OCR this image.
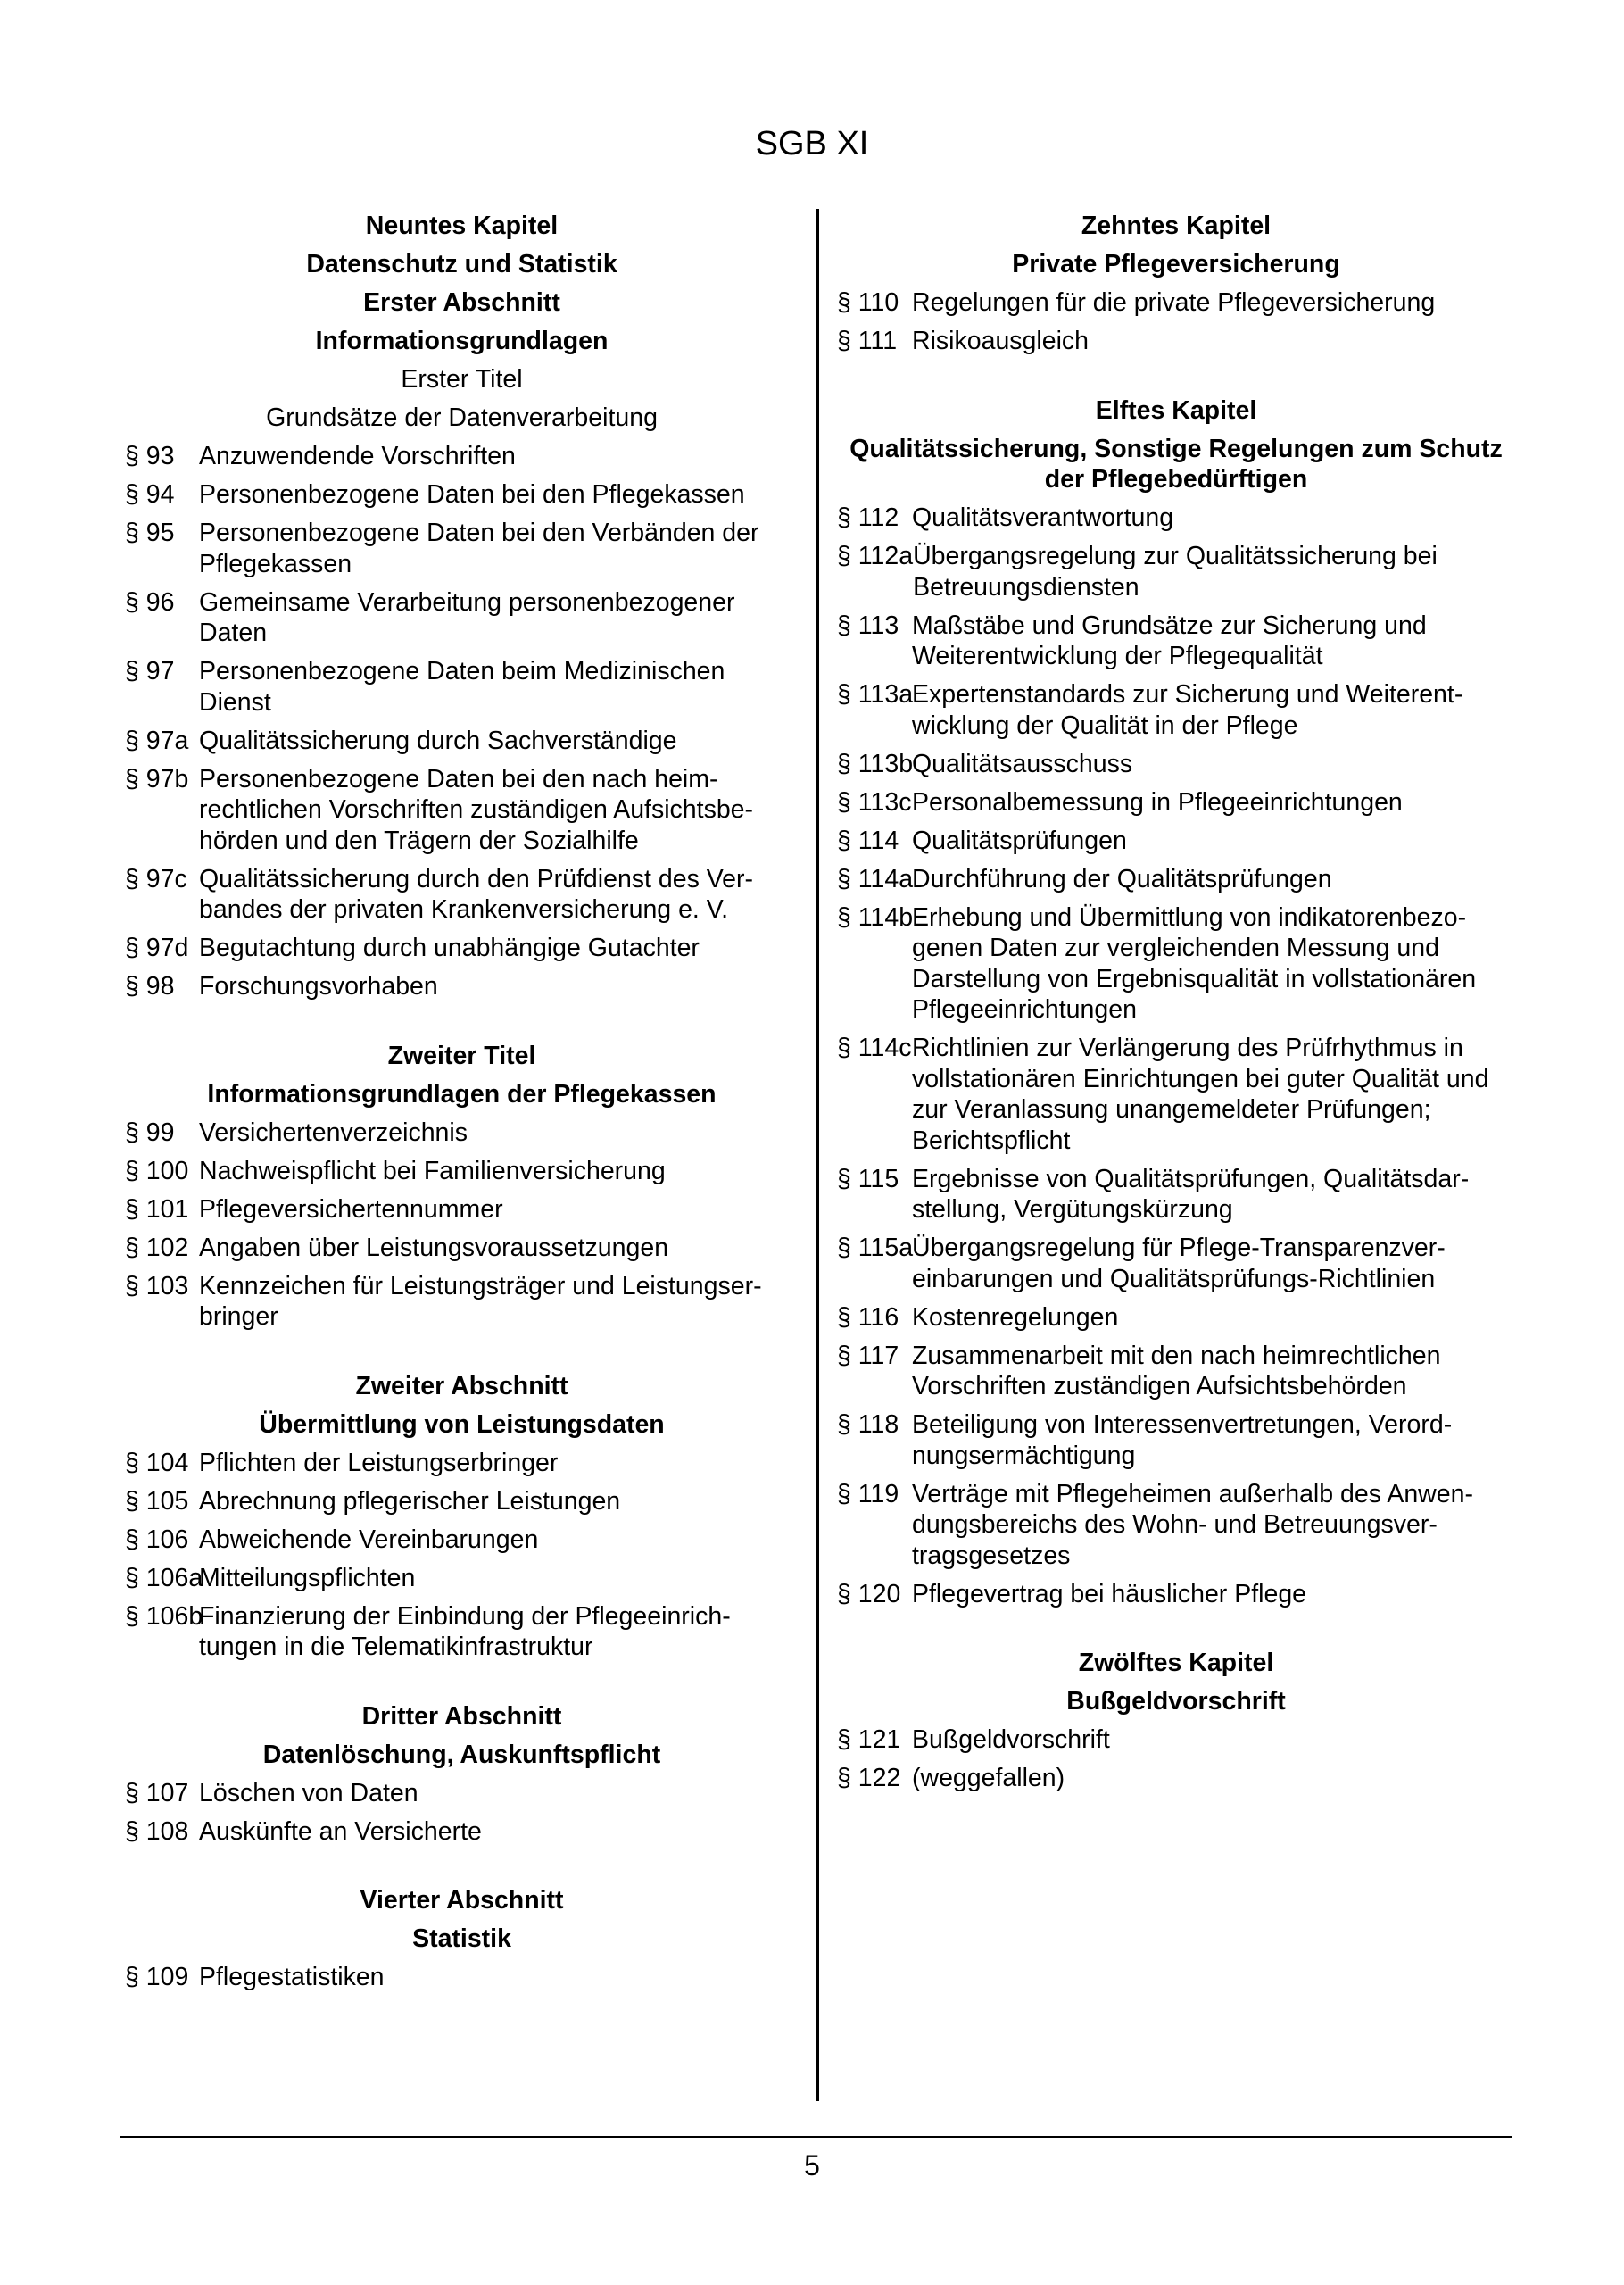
SGB XI
Neuntes Kapitel
Datenschutz und Statistik
Erster Abschnitt
Informationsgrundlagen
Erster Titel
Grundsätze der Datenverarbeitung
§ 93 Anzuwendende Vorschriften
§ 94 Personenbezogene Daten bei den Pflegekassen
§ 95 Personenbezogene Daten bei den Verbänden der Pflegekassen
§ 96 Gemeinsame Verarbeitung personenbezogener Daten
§ 97 Personenbezogene Daten beim Medizinischen Dienst
§ 97a Qualitätssicherung durch Sachverständige
§ 97b Personenbezogene Daten bei den nach heim-rechtlichen Vorschriften zuständigen Aufsichtsbe-hörden und den Trägern der Sozialhilfe
§ 97c Qualitätssicherung durch den Prüfdienst des Ver-bandes der privaten Krankenversicherung e. V.
§ 97d Begutachtung durch unabhängige Gutachter
§ 98 Forschungsvorhaben
Zweiter Titel
Informationsgrundlagen der Pflegekassen
§ 99 Versichertenverzeichnis
§ 100 Nachweispflicht bei Familienversicherung
§ 101 Pflegeversichertennummer
§ 102 Angaben über Leistungsvoraussetzungen
§ 103 Kennzeichen für Leistungsträger und Leistungser-bringer
Zweiter Abschnitt
Übermittlung von Leistungsdaten
§ 104 Pflichten der Leistungserbringer
§ 105 Abrechnung pflegerischer Leistungen
§ 106 Abweichende Vereinbarungen
§ 106a
Mitteilungspflichten
§ 106b
Finanzierung der Einbindung der Pflegeeinrich-tungen in die Telematikinfrastruktur
Dritter Abschnitt
Datenlöschung, Auskunftspflicht
§ 107 Löschen von Daten
§ 108 Auskünfte an Versicherte
Vierter Abschnitt
Statistik
§ 109 Pflegestatistiken
Zehntes Kapitel
Private Pflegeversicherung
§ 110 Regelungen für die private Pflegeversicherung
§ 111 Risikoausgleich
Elftes Kapitel
Qualitätssicherung, Sonstige Regelungen zum Schutz der Pflegebedürftigen
§ 112 Qualitätsverantwortung
§ 112a Übergangsregelung zur Qualitätssicherung bei Betreuungsdiensten
§ 113 Maßstäbe und Grundsätze zur Sicherung und Weiterentwicklung der Pflegequalität
§ 113a
Expertenstandards zur Sicherung und Weiterent-wicklung der Qualität in der Pflege
§ 113b
Qualitätsausschuss
§ 113c Personalbemessung in Pflegeeinrichtungen
§ 114 Qualitätsprüfungen
§ 114a
Durchführung der Qualitätsprüfungen
§ 114b
Erhebung und Übermittlung von indikatorenbezo-genen Daten zur vergleichenden Messung und Darstellung von Ergebnisqualität in vollstationären Pflegeeinrichtungen
§ 114c Richtlinien zur Verlängerung des Prüfrhythmus in vollstationären Einrichtungen bei guter Qualität und zur Veranlassung unangemeldeter Prüfungen; Berichtspflicht
§ 115 Ergebnisse von Qualitätsprüfungen, Qualitätsdar-stellung, Vergütungskürzung
§ 115a
Übergangsregelung für Pflege-Transparenzver-einbarungen und Qualitätsprüfungs-Richtlinien
§ 116 Kostenregelungen
§ 117 Zusammenarbeit mit den nach heimrechtlichen Vorschriften zuständigen Aufsichtsbehörden
§ 118 Beteiligung von Interessenvertretungen, Verord-nungsermächtigung
§ 119 Verträge mit Pflegeheimen außerhalb des Anwen-dungsbereichs des Wohn- und Betreuungsver-tragsgesetzes
§ 120 Pflegevertrag bei häuslicher Pflege
Zwölftes Kapitel
Bußgeldvorschrift
§ 121 Bußgeldvorschrift
§ 122 (weggefallen)
5
